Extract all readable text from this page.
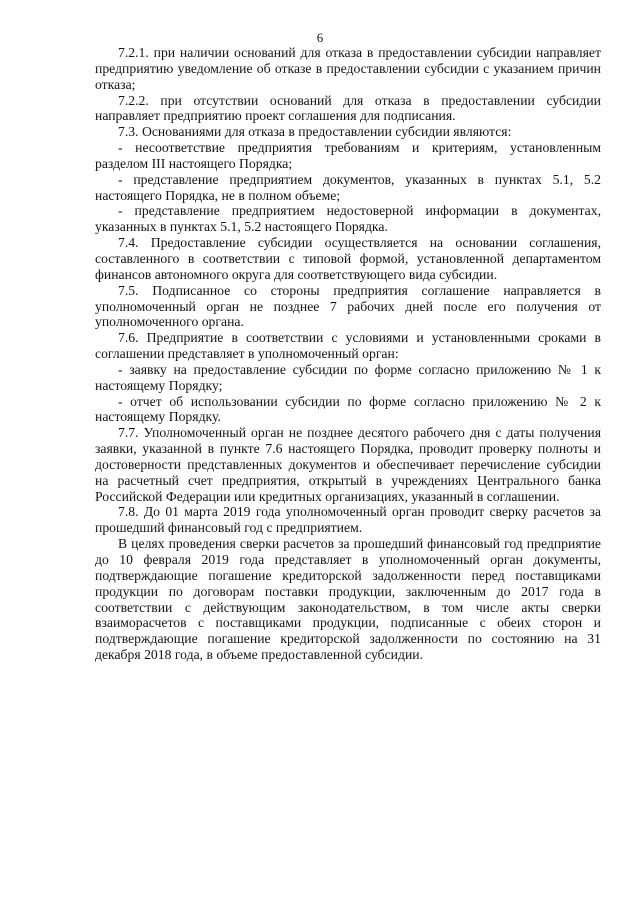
6

7.2.1. при наличии оснований для отказа в предоставлении субсидии направляет предприятию уведомление об отказе в предоставлении субсидии с указанием причин отказа;

7.2.2. при отсутствии оснований для отказа в предоставлении субсидии направляет предприятию проект соглашения для подписания.

7.3. Основаниями для отказа в предоставлении субсидии являются:

- несоответствие предприятия требованиям и критериям, установленным разделом III настоящего Порядка;

- представление предприятием документов, указанных в пунктах 5.1, 5.2 настоящего Порядка, не в полном объеме;

- представление предприятием недостоверной информации в документах, указанных в пунктах 5.1, 5.2 настоящего Порядка.

7.4. Предоставление субсидии осуществляется на основании соглашения, составленного в соответствии с типовой формой, установленной департаментом финансов автономного округа для соответствующего вида субсидии.

7.5. Подписанное со стороны предприятия соглашение направляется в уполномоченный орган не позднее 7 рабочих дней после его получения от уполномоченного органа.

7.6. Предприятие в соответствии с условиями и установленными сроками в соглашении представляет в уполномоченный орган:

- заявку на предоставление субсидии по форме согласно приложению № 1 к настоящему Порядку;

- отчет об использовании субсидии по форме согласно приложению № 2 к настоящему Порядку.

7.7. Уполномоченный орган не позднее десятого рабочего дня с даты получения заявки, указанной в пункте 7.6 настоящего Порядка, проводит проверку полноты и достоверности представленных документов и обеспечивает перечисление субсидии на расчетный счет предприятия, открытый в учреждениях Центрального банка Российской Федерации или кредитных организациях, указанный в соглашении.

7.8. До 01 марта 2019 года уполномоченный орган проводит сверку расчетов за прошедший финансовый год с предприятием.

В целях проведения сверки расчетов за прошедший финансовый год предприятие до 10 февраля 2019 года представляет в уполномоченный орган документы, подтверждающие погашение кредиторской задолженности перед поставщиками продукции по договорам поставки продукции, заключенным до 2017 года в соответствии с действующим законодательством, в том числе акты сверки взаиморасчетов с поставщиками продукции, подписанные с обеих сторон и подтверждающие погашение кредиторской задолженности по состоянию на 31 декабря 2018 года, в объеме предоставленной субсидии.
